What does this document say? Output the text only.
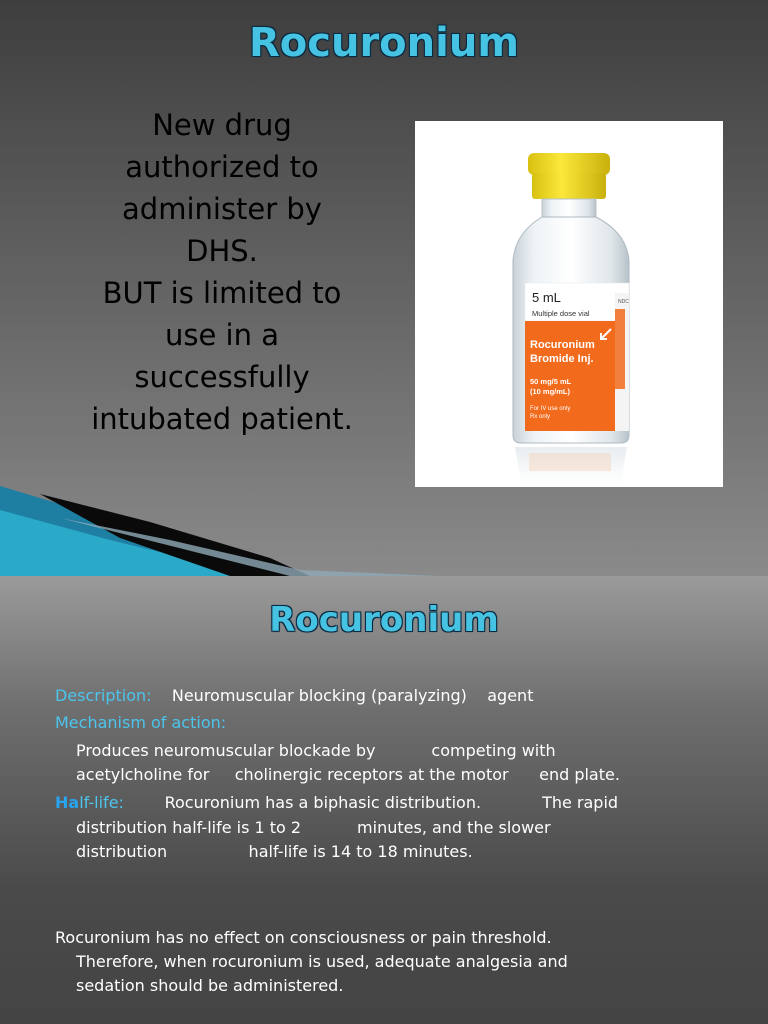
Rocuronium
New drug
authorized to
administer by
DHS.
BUT is limited to
use in a
successfully
intubated patient.
5 mL
Multiple dose vial
NDC
Rocuronium
Bromide Inj.
50 mg/5 mL
(10 mg/mL)
For IV use only
Rx only
Rocuronium
Description: Neuromuscular blocking (paralyzing)    agent
Mechanism of action:
Produces neuromuscular blockade by           competing with
acetylcholine for     cholinergic receptors at the motor      end plate.
Half-life:	Rocuronium has a biphasic distribution.            The rapid
distribution half-life is 1 to 2           minutes, and the slower
distribution                half-life is 14 to 18 minutes.
Rocuronium has no effect on consciousness or pain threshold.
Therefore, when rocuronium is used, adequate analgesia and
sedation should be administered.
